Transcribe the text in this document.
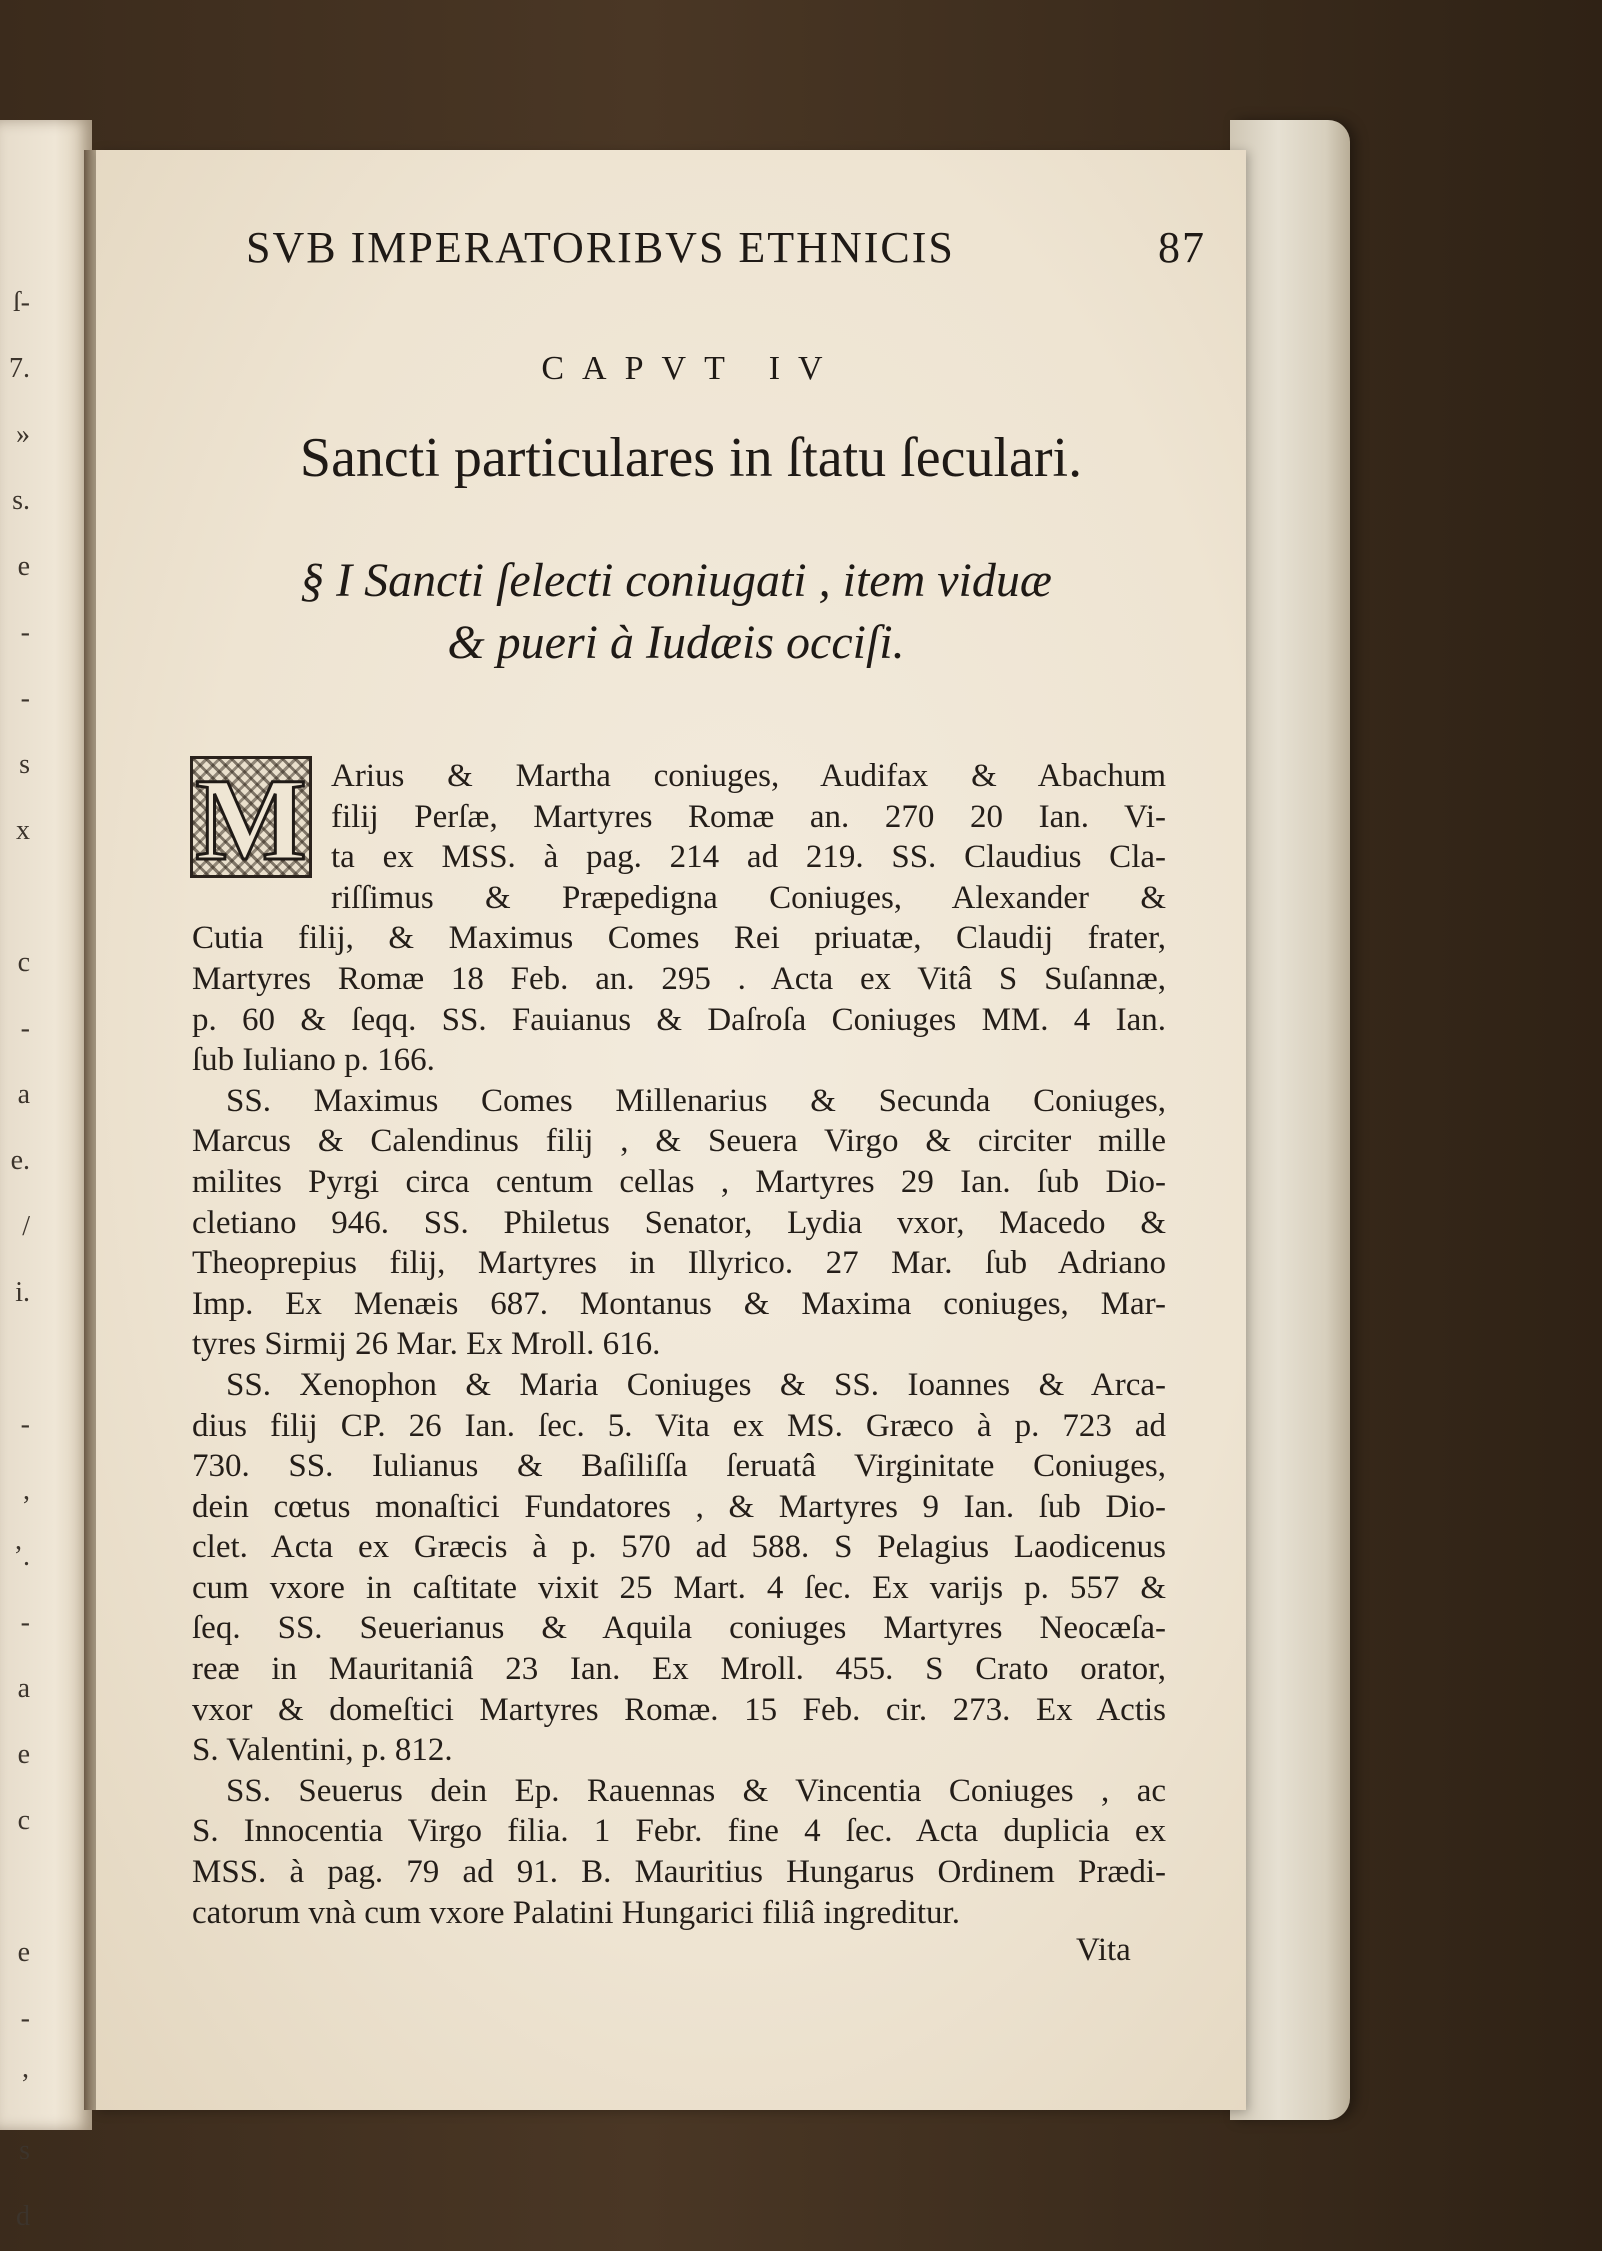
ſ-
7.
»
s.
e
-
-
s
x

c
-
a
e.
/
i.

-
,
ʼ.
-
a
e
c

e
-
ʼ
s
d
SVB IMPERATORIBVS ETHNICIS	87
CAPVT IV
Sancti particulares in ſtatu ſeculari.
§ I Sancti ſelecti coniugati , item viduæ
& pueri à Iudæis occiſi.
M Arius & Martha coniuges, Audifax & Abachum
filij Perſæ, Martyres Romæ an. 270 20 Ian. Vi-
ta ex MSS. à pag. 214 ad 219. SS. Claudius Cla-
riſſimus & Præpedigna Coniuges, Alexander &
Cutia filij, & Maximus Comes Rei priuatæ, Claudij frater,
Martyres Romæ 18 Feb. an. 295 . Acta ex Vitâ S Suſannæ,
p. 60 & ſeqq. SS. Fauianus & Daſroſa Coniuges MM. 4 Ian.
ſub Iuliano p. 166.
SS. Maximus Comes Millenarius & Secunda Coniuges,
Marcus & Calendinus filij , & Seuera Virgo & circiter mille
milites Pyrgi circa centum cellas , Martyres 29 Ian. ſub Dio-
cletiano 946. SS. Philetus Senator, Lydia vxor, Macedo &
Theoprepius filij, Martyres in Illyrico. 27 Mar. ſub Adriano
Imp. Ex Menæis 687. Montanus & Maxima coniuges, Mar-
tyres Sirmij 26 Mar. Ex Mroll. 616.
SS. Xenophon & Maria Coniuges & SS. Ioannes & Arca-
dius filij CP. 26 Ian. ſec. 5. Vita ex MS. Græco à p. 723 ad
730. SS. Iulianus & Baſiliſſa ſeruatâ Virginitate Coniuges,
dein cœtus monaſtici Fundatores , & Martyres 9 Ian. ſub Dio-
clet. Acta ex Græcis à p. 570 ad 588. S Pelagius Laodicenus
cum vxore in caſtitate vixit 25 Mart. 4 ſec. Ex varijs p. 557 &
ſeq. SS. Seuerianus & Aquila coniuges Martyres Neocæſa-
reæ in Mauritaniâ 23 Ian. Ex Mroll. 455. S Crato orator,
vxor & domeſtici Martyres Romæ. 15 Feb. cir. 273. Ex Actis
S. Valentini, p. 812.
SS. Seuerus dein Ep. Rauennas & Vincentia Coniuges , ac
S. Innocentia Virgo filia. 1 Febr. fine 4 ſec. Acta duplicia ex
MSS. à pag. 79 ad 91. B. Mauritius Hungarus Ordinem Prædi-
catorum vnà cum vxore Palatini Hungarici filiâ ingreditur.
Vita
